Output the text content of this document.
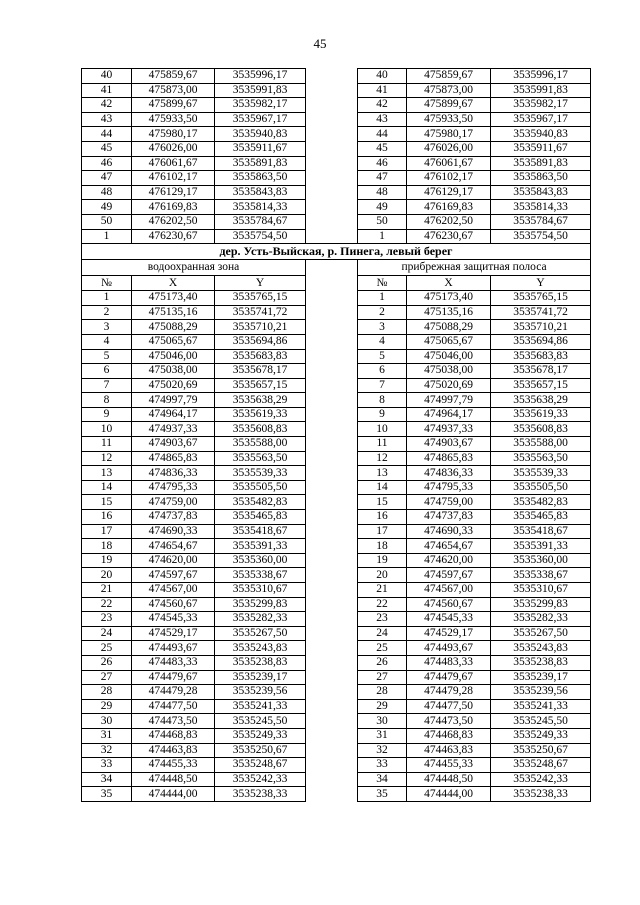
45
40	475859,67	3535996,17		40	475859,67	3535996,17
41	475873,00	3535991,83		41	475873,00	3535991,83
42	475899,67	3535982,17		42	475899,67	3535982,17
43	475933,50	3535967,17		43	475933,50	3535967,17
44	475980,17	3535940,83		44	475980,17	3535940,83
45	476026,00	3535911,67		45	476026,00	3535911,67
46	476061,67	3535891,83		46	476061,67	3535891,83
47	476102,17	3535863,50		47	476102,17	3535863,50
48	476129,17	3535843,83		48	476129,17	3535843,83
49	476169,83	3535814,33		49	476169,83	3535814,33
50	476202,50	3535784,67		50	476202,50	3535784,67
1	476230,67	3535754,50		1	476230,67	3535754,50
дер. Усть-Выйская, р. Пинега, левый берег						
водоохранная зона				прибрежная защитная полоса		
№	X	Y		№	X	Y
1	475173,40	3535765,15		1	475173,40	3535765,15
2	475135,16	3535741,72		2	475135,16	3535741,72
3	475088,29	3535710,21		3	475088,29	3535710,21
4	475065,67	3535694,86		4	475065,67	3535694,86
5	475046,00	3535683,83		5	475046,00	3535683,83
6	475038,00	3535678,17		6	475038,00	3535678,17
7	475020,69	3535657,15		7	475020,69	3535657,15
8	474997,79	3535638,29		8	474997,79	3535638,29
9	474964,17	3535619,33		9	474964,17	3535619,33
10	474937,33	3535608,83		10	474937,33	3535608,83
11	474903,67	3535588,00		11	474903,67	3535588,00
12	474865,83	3535563,50		12	474865,83	3535563,50
13	474836,33	3535539,33		13	474836,33	3535539,33
14	474795,33	3535505,50		14	474795,33	3535505,50
15	474759,00	3535482,83		15	474759,00	3535482,83
16	474737,83	3535465,83		16	474737,83	3535465,83
17	474690,33	3535418,67		17	474690,33	3535418,67
18	474654,67	3535391,33		18	474654,67	3535391,33
19	474620,00	3535360,00		19	474620,00	3535360,00
20	474597,67	3535338,67		20	474597,67	3535338,67
21	474567,00	3535310,67		21	474567,00	3535310,67
22	474560,67	3535299,83		22	474560,67	3535299,83
23	474545,33	3535282,33		23	474545,33	3535282,33
24	474529,17	3535267,50		24	474529,17	3535267,50
25	474493,67	3535243,83		25	474493,67	3535243,83
26	474483,33	3535238,83		26	474483,33	3535238,83
27	474479,67	3535239,17		27	474479,67	3535239,17
28	474479,28	3535239,56		28	474479,28	3535239,56
29	474477,50	3535241,33		29	474477,50	3535241,33
30	474473,50	3535245,50		30	474473,50	3535245,50
31	474468,83	3535249,33		31	474468,83	3535249,33
32	474463,83	3535250,67		32	474463,83	3535250,67
33	474455,33	3535248,67		33	474455,33	3535248,67
34	474448,50	3535242,33		34	474448,50	3535242,33
35	474444,00	3535238,33		35	474444,00	3535238,33
